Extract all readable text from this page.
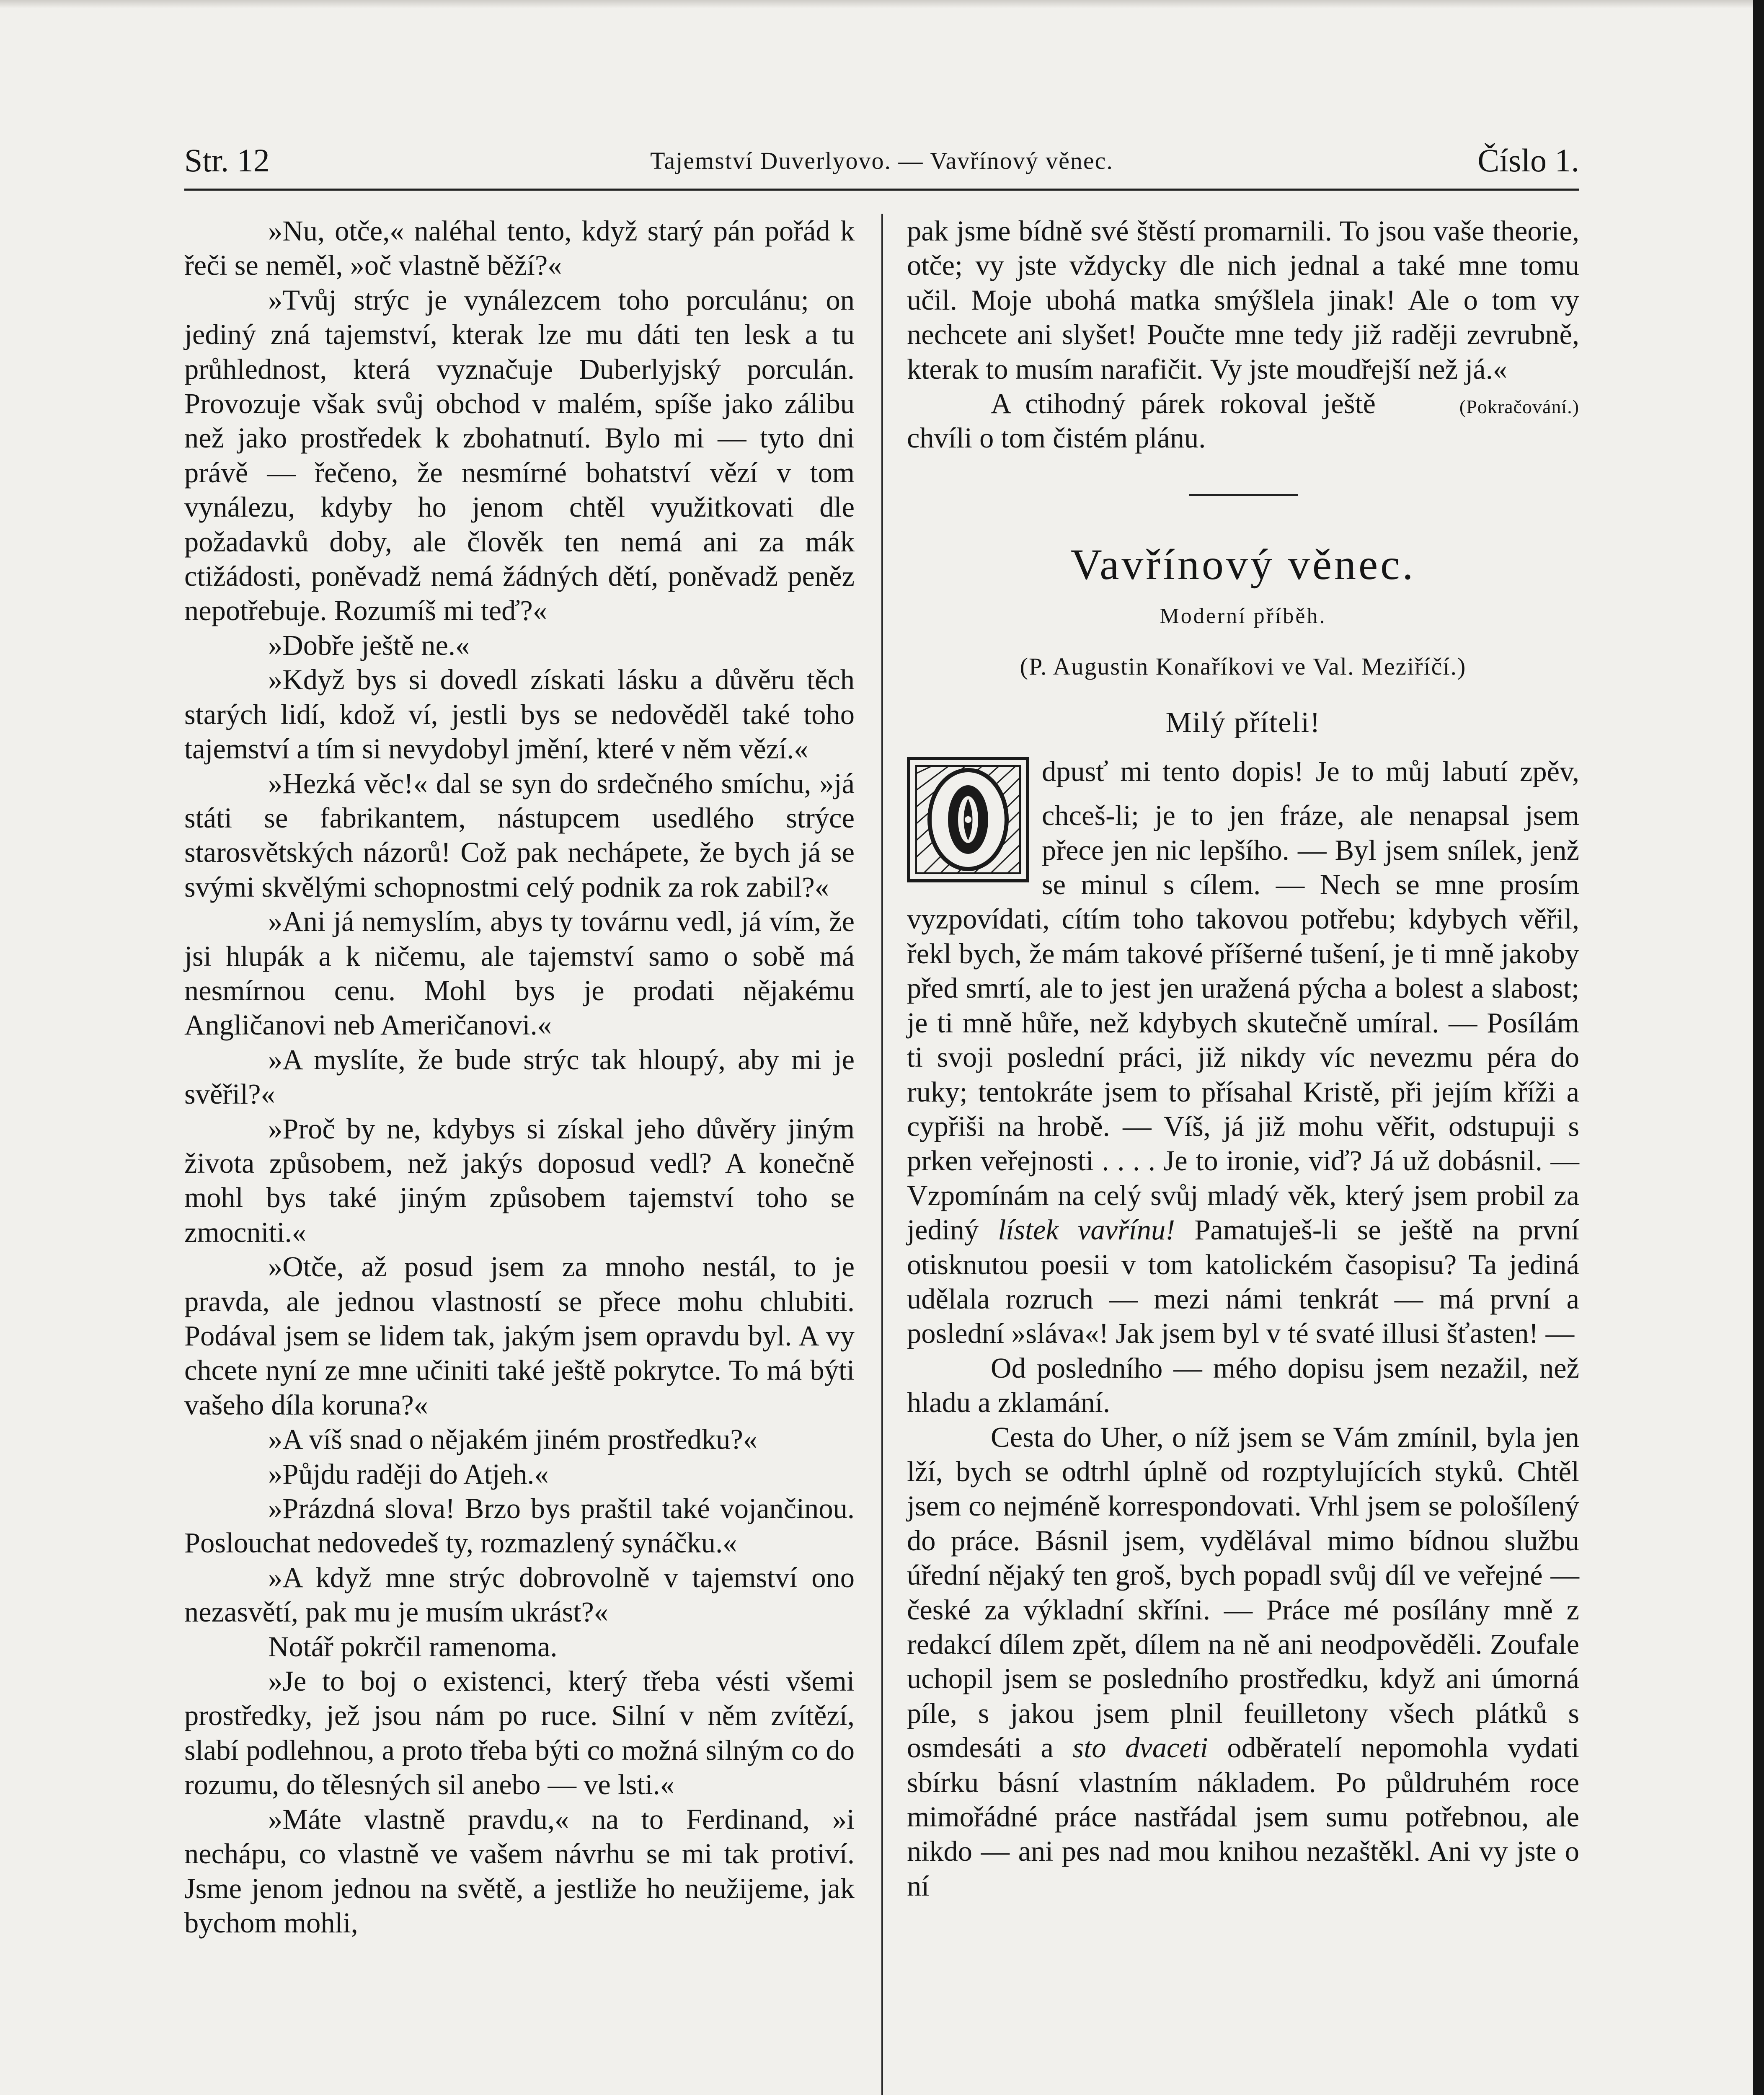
Str. 12	Tajemství Duverlyovo. — Vavřínový věnec.	Číslo 1.

»Nu, otče,« naléhal tento, když starý pán pořád k řeči se neměl, »oč vlastně běží?«

»Tvůj strýc je vynálezcem toho porculánu; on jediný zná tajemství, kterak lze mu dáti ten lesk a tu průhlednost, která vyznačuje Duberlyjský porculán. Provozuje však svůj obchod v malém, spíše jako zálibu než jako prostředek k zbohatnutí. Bylo mi — tyto dni právě — řečeno, že nesmírné bohatství vězí v tom vynálezu, kdyby ho jenom chtěl využitkovati dle požadavků doby, ale člověk ten nemá ani za mák ctižádosti, poněvadž nemá žádných dětí, poněvadž peněz nepotřebuje. Rozumíš mi teď?«

»Dobře ještě ne.«

»Když bys si dovedl získati lásku a důvěru těch starých lidí, kdož ví, jestli bys se nedověděl také toho tajemství a tím si nevydobyl jmění, které v něm vězí.«

»Hezká věc!« dal se syn do srdečného smíchu, »já státi se fabrikantem, nástupcem usedlého strýce starosvětských názorů! Což pak nechápete, že bych já se svými skvělými schopnostmi celý podnik za rok zabil?«

»Ani já nemyslím, abys ty továrnu vedl, já vím, že jsi hlupák a k ničemu, ale tajemství samo o sobě má nesmírnou cenu. Mohl bys je prodati nějakému Angličanovi neb Američanovi.«

»A myslíte, že bude strýc tak hloupý, aby mi je svěřil?«

»Proč by ne, kdybys si získal jeho důvěry jiným života způsobem, než jakýs doposud vedl? A konečně mohl bys také jiným způsobem tajemství toho se zmocniti.«

»Otče, až posud jsem za mnoho nestál, to je pravda, ale jednou vlastností se přece mohu chlubiti. Podával jsem se lidem tak, jakým jsem opravdu byl. A vy chcete nyní ze mne učiniti také ještě pokrytce. To má býti vašeho díla koruna?«

»A víš snad o nějakém jiném prostředku?«

»Půjdu raději do Atjeh.«

»Prázdná slova! Brzo bys praštil také vojančinou. Poslouchat nedovedeš ty, rozmazlený synáčku.«

»A když mne strýc dobrovolně v tajemství ono nezasvětí, pak mu je musím ukrást?«

Notář pokrčil ramenoma.

»Je to boj o existenci, který třeba vésti všemi prostředky, jež jsou nám po ruce. Silní v něm zvítězí, slabí podlehnou, a proto třeba býti co možná silným co do rozumu, do tělesných sil anebo — ve lsti.«

»Máte vlastně pravdu,« na to Ferdinand, »i nechápu, co vlastně ve vašem návrhu se mi tak protiví. Jsme jenom jednou na světě, a jestliže ho neužijeme, jak bychom mohli,

pak jsme bídně své štěstí promarnili. To jsou vaše theorie, otče; vy jste vždycky dle nich jednal a také mne tomu učil. Moje ubohá matka smýšlela jinak! Ale o tom vy nechcete ani slyšet! Poučte mne tedy již raději zevrubně, kterak to musím narafičit. Vy jste moudřejší než já.«

A ctihodný párek rokoval ještě chvíli o tom čistém plánu.
(Pokračování.)

Vavřínový věnec.
Moderní příběh.
(P. Augustin Konaříkovi ve Val. Meziříčí.)
Milý příteli!

dpusť mi tento dopis! Je to můj labutí zpěv, chceš-li; je to jen fráze, ale nenapsal jsem přece jen nic lepšího. — Byl jsem snílek, jenž se minul s cílem. — Nech se mne prosím vyzpovídati, cítím toho takovou potřebu; kdybych věřil, řekl bych, že mám takové příšerné tušení, je ti mně jakoby před smrtí, ale to jest jen uražená pýcha a bolest a slabost; je ti mně hůře, než kdybych skutečně umíral. — Posílám ti svoji poslední práci, již nikdy víc nevezmu péra do ruky; tentokráte jsem to přísahal Kristě, při jejím kříži a cypřiši na hrobě. — Víš, já již mohu věřit, odstupuji s prken veřejnosti . . . . Je to ironie, viď? Já už dobásnil. — Vzpomínám na celý svůj mladý věk, který jsem probil za jediný lístek vavřínu! Pamatuješ-li se ještě na první otisknutou poesii v tom katolickém časopisu? Ta jediná udělala rozruch — mezi námi tenkrát — má první a poslední »sláva«! Jak jsem byl v té svaté illusi šťasten! —

Od posledního — mého dopisu jsem nezažil, než hladu a zklamání.

Cesta do Uher, o níž jsem se Vám zmínil, byla jen lží, bych se odtrhl úplně od rozptylujících styků. Chtěl jsem co nejméně korrespondovati. Vrhl jsem se pološílený do práce. Básnil jsem, vydělával mimo bídnou službu úřední nějaký ten groš, bych popadl svůj díl ve veřejné — české za výkladní skříni. — Práce mé posílány mně z redakcí dílem zpět, dílem na ně ani neodpověděli. Zoufale uchopil jsem se posledního prostředku, když ani úmorná píle, s jakou jsem plnil feuilletony všech plátků s osmdesáti a sto dvaceti odběratelí nepomohla vydati sbírku básní vlastním nákladem. Po půldruhém roce mimořádné práce nastřádal jsem sumu potřebnou, ale nikdo — ani pes nad mou knihou nezaštěkl. Ani vy jste o ní
